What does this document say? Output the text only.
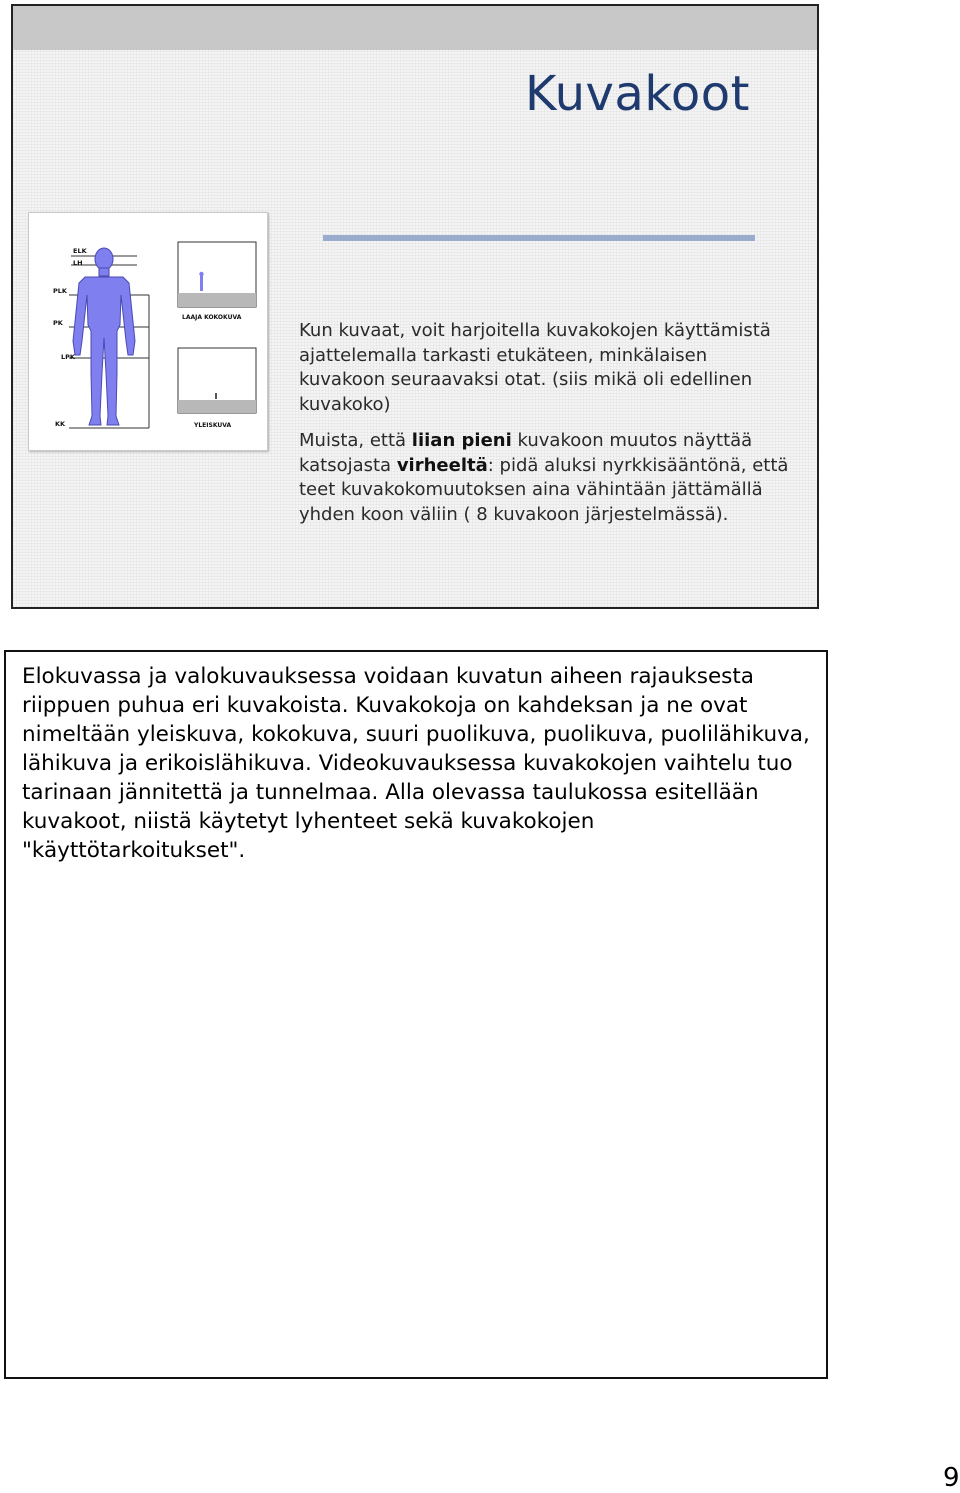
Kuvakoot
ELK
LH
PLK
PK
LPK
KK
LAAJA KOKOKUVA
YLEISKUVA

Kun kuvaat, voit harjoitella kuvakokojen käyttämistä ajattelemalla tarkasti etukäteen, minkälaisen kuvakoon seuraavaksi otat. (siis mikä oli edellinen kuvakoko)

Muista, että liian pieni kuvakoon muutos näyttää katsojasta virheeltä: pidä aluksi nyrkkisääntönä, että teet kuvakokomuutoksen aina vähintään jättämällä yhden koon väliin ( 8 kuvakoon järjestelmässä).

Elokuvassa ja valokuvauksessa voidaan kuvatun aiheen rajauksesta riippuen puhua eri kuvakoista. Kuvakokoja on kahdeksan ja ne ovat nimeltään yleiskuva, kokokuva, suuri puolikuva, puolikuva, puolilähikuva, lähikuva ja erikoislähikuva. Videokuvauksessa kuvakokojen vaihtelu tuo tarinaan jännitettä ja tunnelmaa. Alla olevassa taulukossa esitellään kuvakoot, niistä käytetyt lyhenteet sekä kuvakokojen "käyttötarkoitukset".

9
